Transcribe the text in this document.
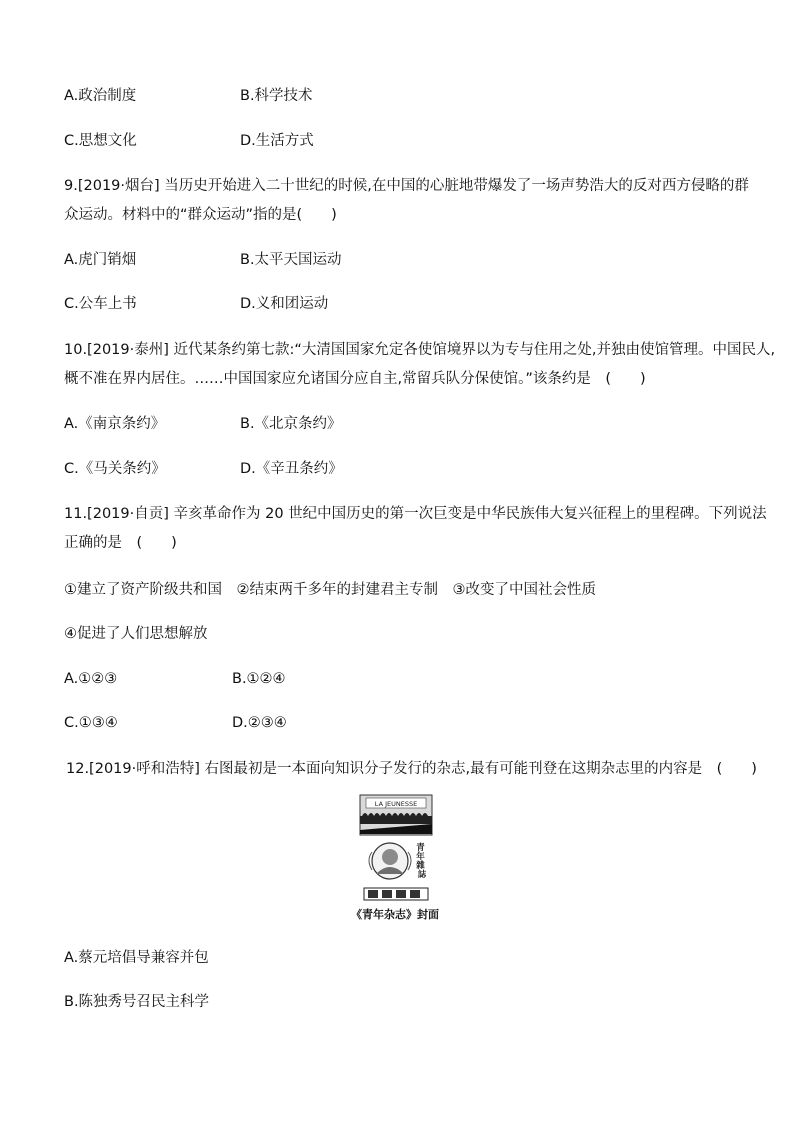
A.政治制度	B.科学技术
C.思想文化	D.生活方式
9.[2019·烟台] 当历史开始进入二十世纪的时候,在中国的心脏地带爆发了一场声势浩大的反对西方侵略的群
众运动。材料中的“群众运动”指的是(　　)
A.虎门销烟	B.太平天国运动
C.公车上书	D.义和团运动
10.[2019·泰州] 近代某条约第七款:“大清国国家允定各使馆境界以为专与住用之处,并独由使馆管理。中国民人,
概不准在界内居住。……中国国家应允诸国分应自主,常留兵队分保使馆。”该条约是　(　　)
A.《南京条约》	B.《北京条约》
C.《马关条约》	D.《辛丑条约》
11.[2019·自贡] 辛亥革命作为 20 世纪中国历史的第一次巨变是中华民族伟大复兴征程上的里程碑。下列说法
正确的是　(　　)
①建立了资产阶级共和国　②结束两千多年的封建君主专制　③改变了中国社会性质
④促进了人们思想解放
A.①②③	B.①②④
C.①③④	D.②③④
12.[2019·呼和浩特] 右图最初是一本面向知识分子发行的杂志,最有可能刊登在这期杂志里的内容是　(　　)
LA JEUNESSE
青 年 雜 誌
《青年杂志》封面
A.蔡元培倡导兼容并包
B.陈独秀号召民主科学
